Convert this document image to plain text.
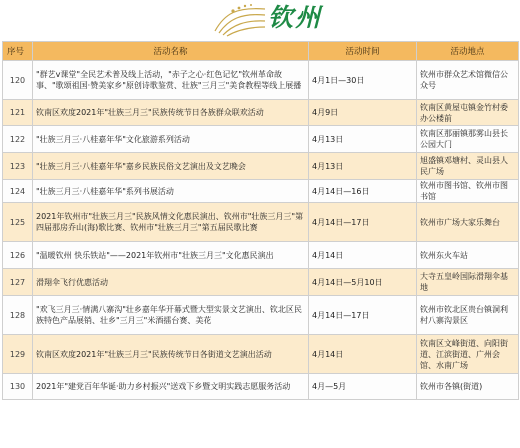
钦州
序号	活动名称	活动时间	活动地点
120	"群艺v课堂"全民艺术普及线上活动，"赤子之心·红色记忆"钦州革命故事、"歌颂祖国·赞美家乡"原创诗歌鉴赏、壮族"三月三"美食教程等线上展播	4月1日—30日	钦州市群众艺术馆微信公众号
121	钦南区欢度2021年"壮族三月三"民族传统节日各族群众联欢活动	4月9日	钦南区黄屋屯镇金竹村委办公楼前
122	"壮族三月三·八桂嘉年华"文化旅游系列活动	4月13日	钦南区那丽镇那雾山县长公园大门
123	"壮族三月三·八桂嘉年华"嘉乡民族民俗文艺演出及文艺晚会	4月13日	旭盛镇邓塘村、灵山县人民广场
124	"壮族三月三·八桂嘉年华"系列书展活动	4月14日—16日	钦州市图书馆、钦州市图书馆
125	2021年钦州市"壮族三月三"民族风情文化惠民演出、钦州市"壮族三月三"第四届那房乔山(海)歌比赛、钦州市"壮族三月三"第五届民歌比赛	4月14日—17日	钦州市广场大家乐舞台
126	"温暖钦州 快乐铁站"——2021年钦州市"壮族三月三"文化惠民演出	4月14日	钦州东火车站
127	滑翔伞飞行优惠活动	4月14日—5月10日	大寺五皇岭国际滑翔伞基地
128	"欢飞三月三·情满八寨沟"壮乡嘉年华开幕式暨大型实景文艺演出、钦北区民族特色产品展销、壮乡"三月三"米酒擂台赛、美花	4月14日—17日	钦州市钦北区贵台镇洞利村八寨沟景区
129	钦南区欢度2021年"壮族三月三"民族传统节日各街道文艺演出活动	4月14日	钦南区文峰街道、向阳街道、江滨街道、广州会馆、水南广场
130	2021年"建党百年华诞·助力乡村振兴"送戏下乡暨文明实践志愿服务活动	4月—5月	钦州市各镇(街道)
